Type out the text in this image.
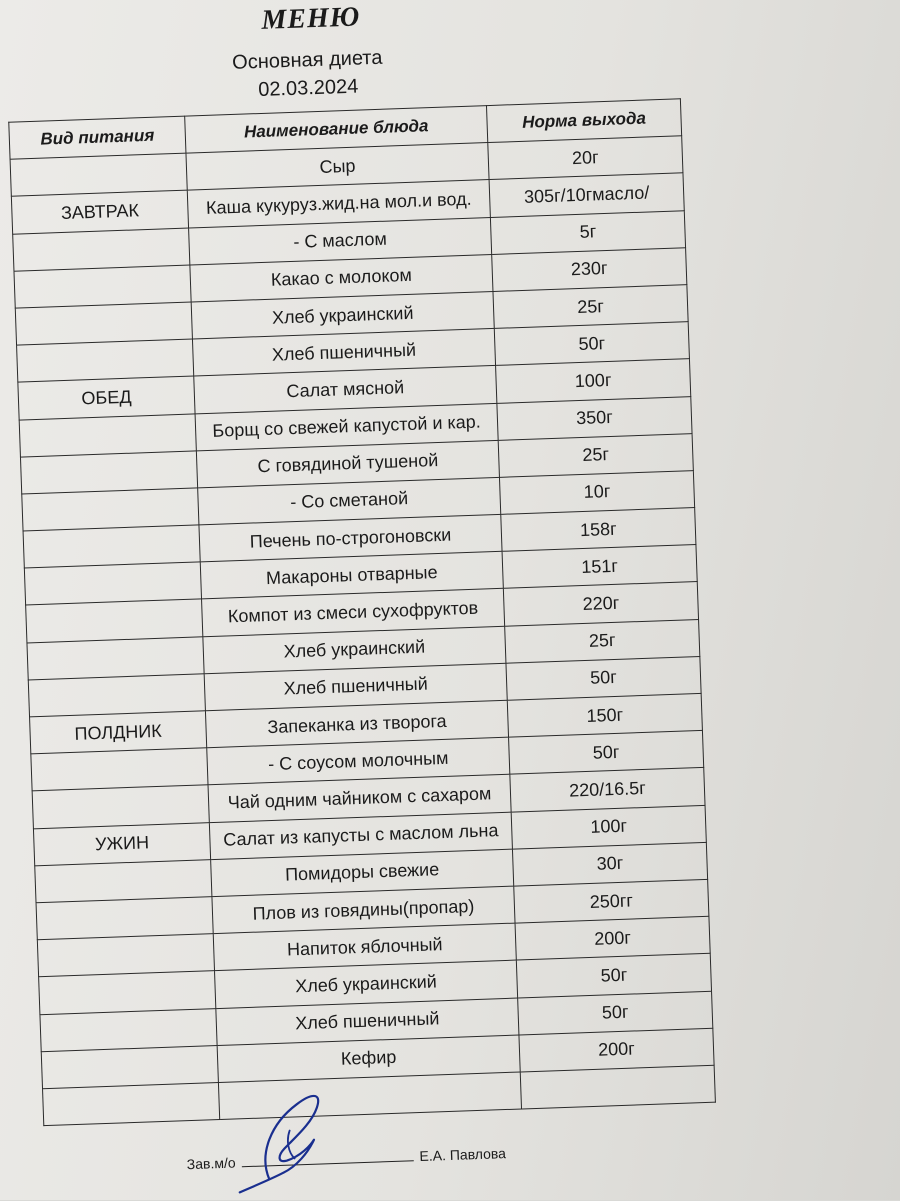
МЕНЮ
Основная диета
02.03.2024
Вид питания	Наименование блюда	Норма выхода
	Сыр	20г
ЗАВТРАК	Каша кукуруз.жид.на мол.и вод.	305г/10гмасло/
	- С маслом	5г
	Какао с молоком	230г
	Хлеб украинский	25г
	Хлеб пшеничный	50г
ОБЕД	Салат мясной	100г
	Борщ со свежей капустой и кар.	350г
	С говядиной тушеной	25г
	- Со сметаной	10г
	Печень по-строгоновски	158г
	Макароны отварные	151г
	Компот из смеси сухофруктов	220г
	Хлеб украинский	25г
	Хлеб пшеничный	50г
ПОЛДНИК	Запеканка из творога	150г
	- С соусом молочным	50г
	Чай одним чайником с сахаром	220/16.5г
УЖИН	Салат из капусты с маслом льна	100г
	Помидоры свежие	30г
	Плов из говядины(пропар)	250гг
	Напиток яблочный	200г
	Хлеб украинский	50г
	Хлеб пшеничный	50г
	Кефир	200г

Зав.м/о	Е.А. Павлова
